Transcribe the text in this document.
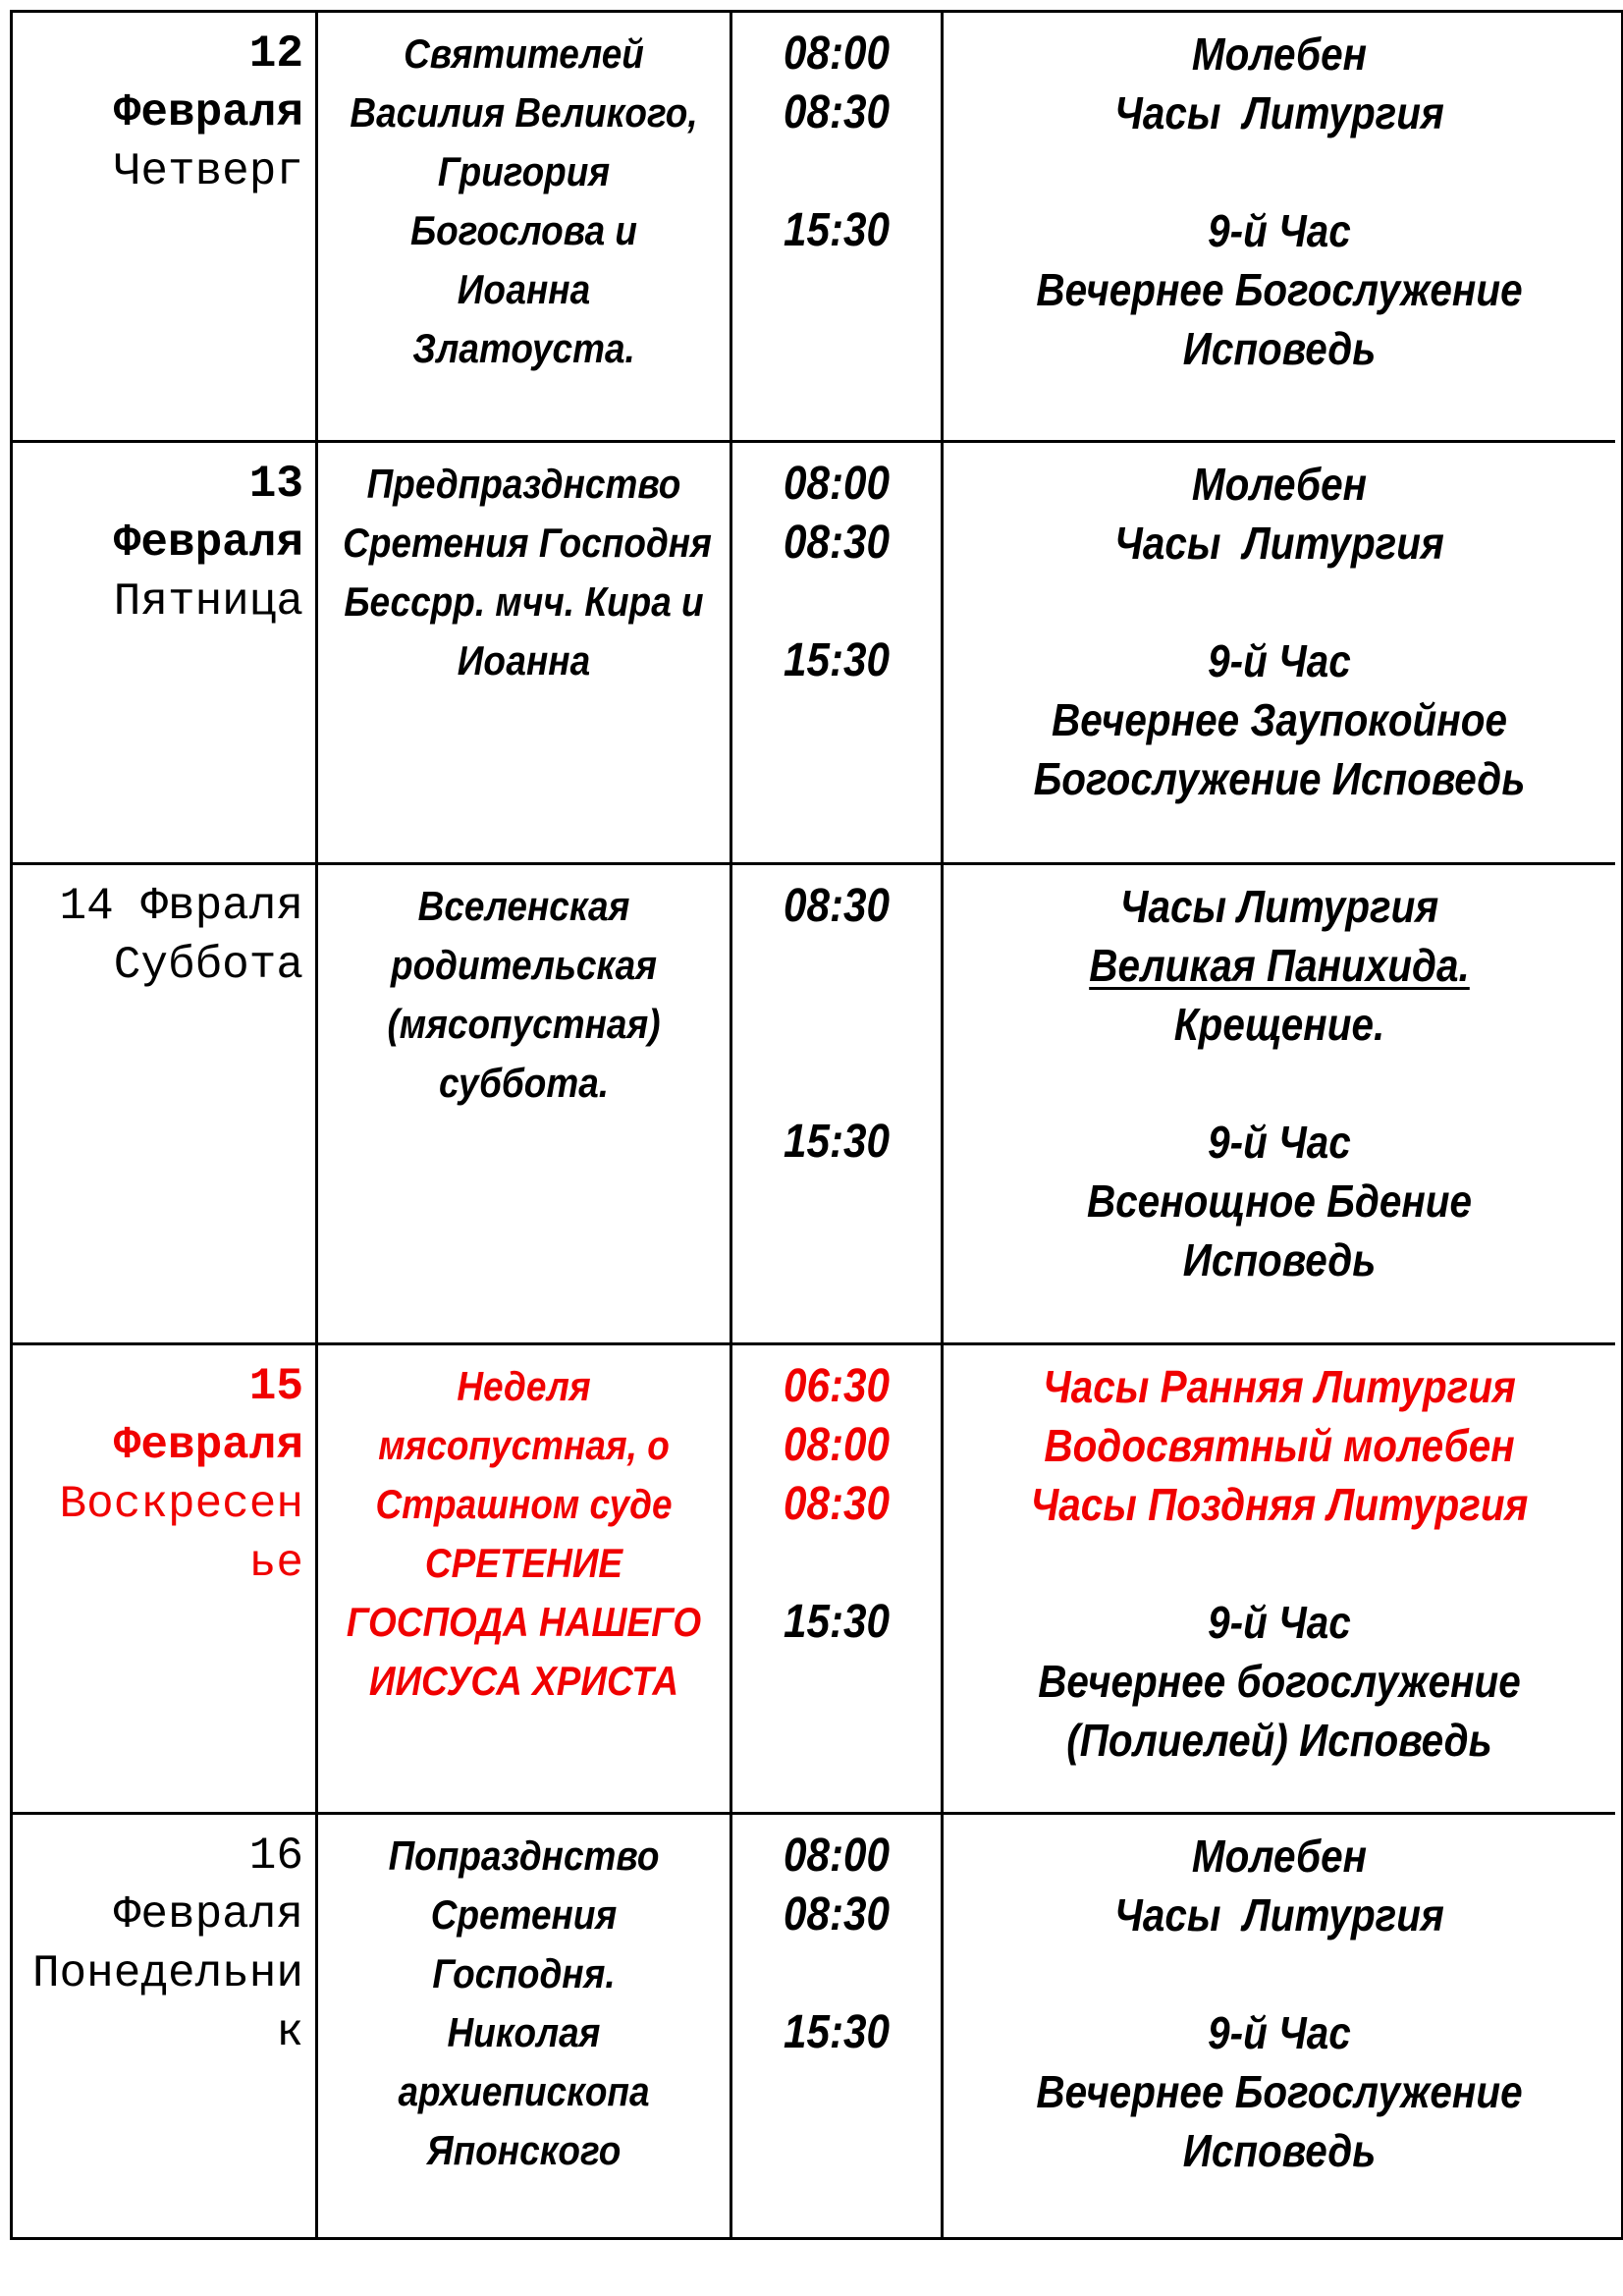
12
Февраля
Четверг
Святителей
Василия Великого,
Григория
Богослова и
Иоанна
Златоуста.
08:00
08:30
15:30
Молебен
Часы  Литургия
9-й Час
Вечернее Богослужение
Исповедь
13
Февраля
Пятница
Предпразднство
Сретения Господня
Бессрр. мчч. Кира и
Иоанна
08:00
08:30
15:30
Молебен
Часы  Литургия
9-й Час
Вечернее Заупокойное
Богослужение Исповедь
14 Фвраля
Суббота
Вселенская
родительская
(мясопустная)
суббота.
08:30
15:30
Часы Литургия
Великая Панихида.
Крещение.
9-й Час
Всенощное Бдение
Исповедь
15
Февраля
Воскресен
ье
Неделя
мясопустная, о
Страшном суде
СРЕТЕНИЕ
ГОСПОДА НАШЕГО
ИИСУСА ХРИСТА
06:30
08:00
08:30
15:30
Часы Ранняя Литургия
Водосвятный молебен
Часы Поздняя Литургия
9-й Час
Вечернее богослужение
(Полиелей) Исповедь
16
Февраля
Понедельни
к
Попразднство
Сретения
Господня.
Николая
архиепископа
Японского
08:00
08:30
15:30
Молебен
Часы  Литургия
9-й Час
Вечернее Богослужение
Исповедь
